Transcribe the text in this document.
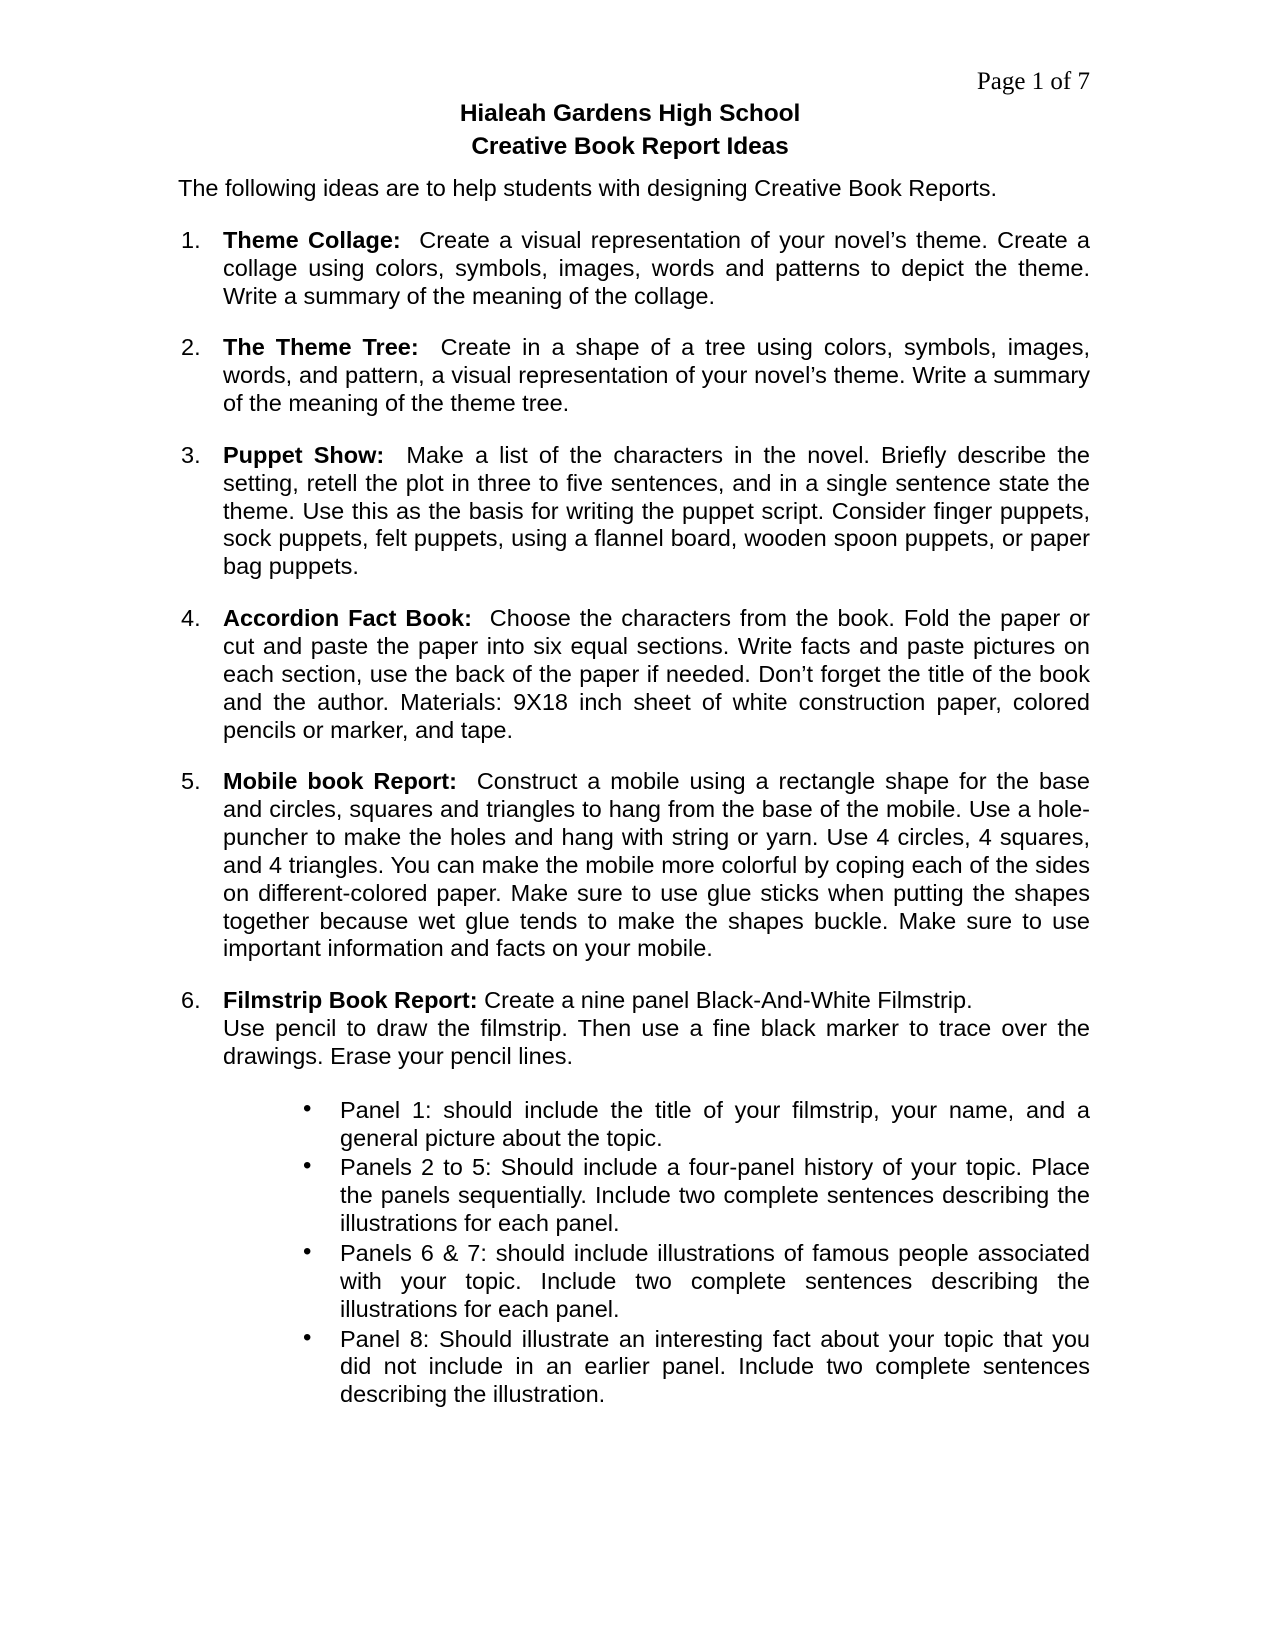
Page 1 of 7
Hialeah Gardens High School
Creative Book Report Ideas

The following ideas are to help students with designing Creative Book Reports.

1. Theme Collage: Create a visual representation of your novel’s theme. Create a collage using colors, symbols, images, words and patterns to depict the theme. Write a summary of the meaning of the collage.
2. The Theme Tree: Create in a shape of a tree using colors, symbols, images, words, and pattern, a visual representation of your novel’s theme. Write a summary of the meaning of the theme tree.
3. Puppet Show: Make a list of the characters in the novel. Briefly describe the setting, retell the plot in three to five sentences, and in a single sentence state the theme. Use this as the basis for writing the puppet script. Consider finger puppets, sock puppets, felt puppets, using a flannel board, wooden spoon puppets, or paper bag puppets.
4. Accordion Fact Book: Choose the characters from the book. Fold the paper or cut and paste the paper into six equal sections. Write facts and paste pictures on each section, use the back of the paper if needed. Don’t forget the title of the book and the author. Materials: 9X18 inch sheet of white construction paper, colored pencils or marker, and tape.
5. Mobile book Report: Construct a mobile using a rectangle shape for the base and circles, squares and triangles to hang from the base of the mobile. Use a hole-puncher to make the holes and hang with string or yarn. Use 4 circles, 4 squares, and 4 triangles. You can make the mobile more colorful by coping each of the sides on different-colored paper. Make sure to use glue sticks when putting the shapes together because wet glue tends to make the shapes buckle. Make sure to use important information and facts on your mobile.
6. Filmstrip Book Report: Create a nine panel Black-And-White Filmstrip.
Use pencil to draw the filmstrip. Then use a fine black marker to trace over the drawings. Erase your pencil lines.
• Panel 1: should include the title of your filmstrip, your name, and a general picture about the topic.
• Panels 2 to 5: Should include a four-panel history of your topic. Place the panels sequentially. Include two complete sentences describing the illustrations for each panel.
• Panels 6 & 7: should include illustrations of famous people associated with your topic. Include two complete sentences describing the illustrations for each panel.
• Panel 8: Should illustrate an interesting fact about your topic that you did not include in an earlier panel. Include two complete sentences describing the illustration.
